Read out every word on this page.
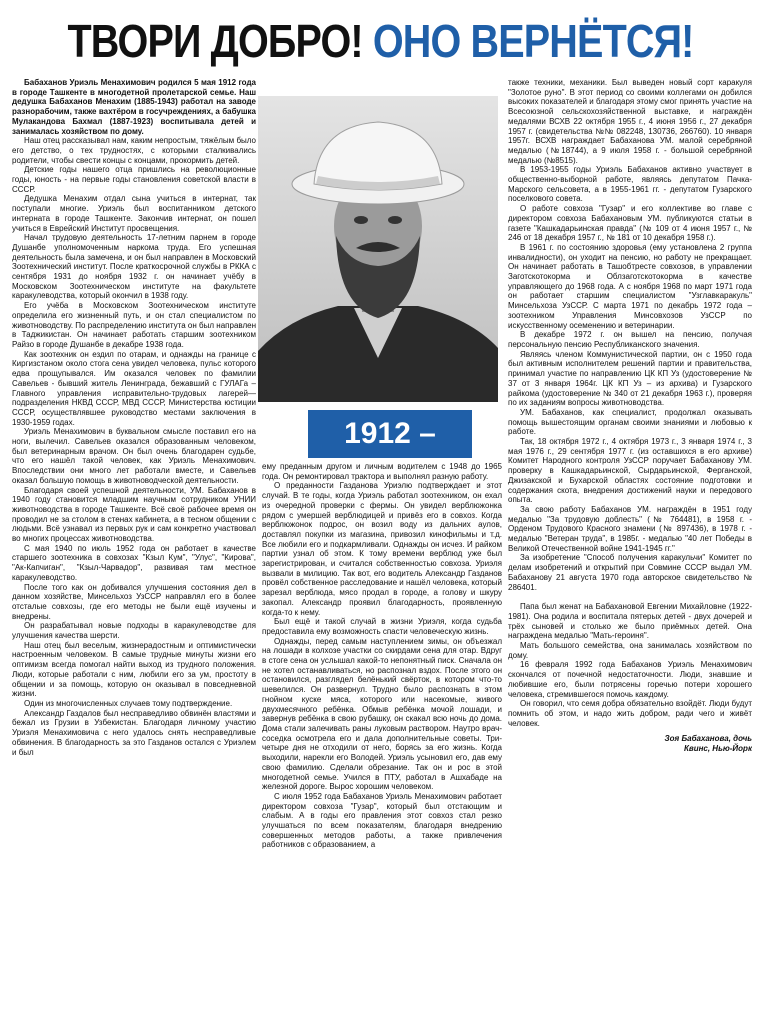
ТВОРИ ДОБРО! ОНО ВЕРНЁТСЯ!

Бабаханов Уриэль Менахимович родился 5 мая 1912 года в городе Ташкенте в многодетной пролетарской семье. Наш дедушка Бабаханов Менахим (1885-1943) работал на заводе разнорабочим, также вахтёром в госучреждениях, а бабушка Мулакандова Бахмал (1887-1923) воспитывала детей и занималась хозяйством по дому.

Наш отец рассказывал нам, каким непростым, тяжёлым было его детство, о тех трудностях, с которыми сталкивались родители, чтобы свести концы с концами, прокормить детей.

Детские годы нашего отца пришлись на революционные годы, юность - на первые годы становления советской власти в СССР.

Дедушка Менахим отдал сына учиться в интернат, так поступали многие. Уриэль был воспитанником детского интерната в городе Ташкенте. Закончив интернат, он пошел учиться в Еврейский Институт просвещения.

Начал трудовую деятельность 17-летним парнем в городе Душанбе уполномоченным наркома труда. Его успешная деятельность была замечена, и он был направлен в Московский Зоотехнический институт. После краткосрочной службы в РККА с сентября 1931 до ноября 1932 г. он начинает учёбу в Московском Зоотехническом институте на факультете каракулеводства, который окончил в 1938 году.

Его учёба в Московском Зоотехническом институте определила его жизненный путь, и он стал специалистом по животноводству. По распределению института он был направлен в Таджикистан. Он начинает работать старшим зоотехником Райзо в городе Душанбе в декабре 1938 года.

Как зоотехник он ездил по отарам, и однажды на границе с Киргизстаном около стога сена увидел человека, пульс которого едва прощупывался. Им оказался человек по фамилии Савельев - бывший житель Ленинграда, бежавший с ГУЛАГа – Главного управления исправительно-трудовых лагерей— подразделения НКВД СССР, МВД СССР, Министерства юстиции СССР, осуществлявшее руководство местами заключения в 1930-1959 годах.

Уриэль Менахимович в буквальном смысле поставил его на ноги, вылечил. Савельев оказался образованным человеком, был ветеринарным врачом. Он был очень благодарен судьбе, что его нашёл такой человек, как Уриэль Менахимович. Впоследствии они много лет работали вместе, и Савельев оказал большую помощь в животноводческой деятельности.

Благодаря своей успешной деятельности, УМ. Бабаханов в 1940 году становится младшим научным сотрудником УНИИ животноводства в городе Ташкенте. Всё своё рабочее время он проводил не за столом в стенах кабинета, а в тесном общении с людьми. Всё узнавал из первых рук и сам конкретно участвовал во многих процессах животноводства.

С мая 1940 по июль 1952 года он работает в качестве старшего зоотехника в совхозах "Кзыл Кум", "Улус", "Кирова", "Ак-Капчиган", "Кзыл-Чарвадор", развивая там местное каракулеводство.

После того как он добивался улучшения состояния дел в данном хозяйстве, Минсельхоз УзССР направлял его в более отсталые совхозы, где его методы не были ещё изучены и внедрены.

Он разрабатывал новые подходы в каракулеводстве для улучшения качества шерсти.

Наш отец был веселым, жизнерадостным и оптимистически настроенным человеком. В самые трудные минуты жизни его оптимизм всегда помогал найти выход из трудного положения. Люди, которые работали с ним, любили его за ум, простоту в общении и за помощь, которую он оказывал в повседневной жизни.

Один из многочисленных случаев тому подтверждение.

Александр Газдалов был несправедливо обвинён властями и бежал из Грузии в Узбекистан. Благодаря личному участию Уриэля Менахимовича с него удалось снять несправедливые обвинения. В благодарность за это Газданов остался с Уриэлем и был

1912 – 1992

ему преданным другом и личным водителем с 1948 до 1965 года. Он ремонтировал трактора и выполнял разную работу.

О преданности Газданова Уриэлю подтверждает и этот случай. В те годы, когда Уриэль работал зоотехником, он ехал из очередной проверки с фермы. Он увидел верблюжонка рядом с умершей верблюдицей и привёз его в совхоз. Когда верблюжонок подрос, он возил воду из дальних аулов, доставлял покупки из магазина, привозил кинофильмы и т.д. Все любили его и подкармливали. Однажды он исчез. И райком партии узнал об этом. К тому времени верблюд уже был зарегистрирован, и считался собственностью совхоза. Уриэля вызвали в милицию. Так вот, его водитель Александр Газданов провёл собственное расследование и нашёл человека, который зарезал верблюда, мясо продал в городе, а голову и шкуру закопал. Александр проявил благодарность, проявленную когда-то к нему.

Был ещё и такой случай в жизни Уриэля, когда судьба предоставила ему возможность спасти человеческую жизнь.

Однажды, перед самым наступлением зимы, он объезжал на лошади в колхозе участки со скирдами сена для отар. Вдруг в стоге сена он услышал какой-то непонятный писк. Сначала он не хотел останавливаться, но распознал вздох. После этого он остановился, разглядел белёнький свёрток, в котором что-то шевелился. Он развернул. Трудно было распознать в этом гнойном куске мяса, которого или насекомые, живого двухмесячного ребёнка. Обмыв ребёнка мочой лошади, и завернув ребёнка в свою рубашку, он скакал всю ночь до дома. Дома стали залечивать раны луковым раствором. Наутро врач-соседка осмотрела его и дала дополнительные советы. Три-четыре дня не отходили от него, борясь за его жизнь. Когда выходили, нарекли его Володей. Уриэль усыновил его, дав ему свою фамилию. Сделали обрезание. Так он и рос в этой многодетной семье. Учился в ПТУ, работал в Ашхабаде на железной дороге. Вырос хорошим человеком.

С июля 1952 года Бабаханов Уриэль Менахимович работает директором совхоза "Гузар", который был отстающим и слабым. А в годы его правления этот совхоз стал резко улучшаться по всем показателям, благодаря внедрению совершенных методов работы, а также привлечения работников с образованием, а

также техники, механики. Был выведен новый сорт каракуля "Золотое руно". В этот период со своими коллегами он добился высоких показателей и благодаря этому смог принять участие на Всесоюзной сельскохозяйственной выставке, и награждён медалями ВСХВ 22 октября 1955 г., 4 июня 1956 г., 27 декабря 1957 г. (свидетельства №№ 082248, 130736, 266760). 10 января 1957г. ВСХВ награждает Бабаханова УМ. малой серебряной медалью (№18744), а 9 июля 1958 г. - большой серебряной медалью (№8515).

В 1953-1955 годы Уриэль Бабаханов активно участвует в общественно-выборной работе, являясь депутатом Пачка-Марского сельсовета, а в 1955-1961 гг. - депутатом Гузарского поселкового совета.

О работе совхоза "Гузар" и его коллективе во главе с директором совхоза Бабахановым УМ. публикуются статьи в газете "Кашкадарьинская правда" (№ 109 от 4 июня 1957 г., № 246 от 18 декабря 1957 г., № 181 от 10 декабря 1958 г.).

В 1961 г. по состоянию здоровья (ему установлена 2 группа инвалидности), он уходит на пенсию, но работу не прекращает. Он начинает работать в Ташобтрестe совхозов, в управлении Заготскотокорма и Облзаготскотокорма в качестве управляющего до 1968 года. А с ноября 1968 по март 1971 года он работает старшим специалистом "Узглавкаракуль" Минсельхоза УзССР. С марта 1971 по декабрь 1972 года – зоотехником Управления Минсовхозов УзССР по искусственному осеменению и ветеринарии.

В декабре 1972 г. он вышел на пенсию, получая персональную пенсию Республиканского значения.

Являясь членом Коммунистической партии, он с 1950 года был активным исполнителем решений партии и правительства, принимал участие по направлению ЦК КП Уз (удостоверение № 37 от 3 января 1964г. ЦК КП Уз – из архива) и Гузарского райкома (удостоверение № 340 от 21 декабря 1963 г.), проверяя по их заданиям вопросы животноводства.

УМ. Бабаханов, как специалист, продолжал оказывать помощь вышестоящим органам своими знаниями и любовью к работе.

Так, 18 октября 1972 г., 4 октября 1973 г., 3 января 1974 г., 3 мая 1976 г., 29 сентября 1977 г. (из оставшихся в его архиве) Комитет Народного контроля УзССР поручает Бабаханову УМ. проверку в Кашкадарьинской, Сырдарьинской, Ферганской, Джизакской и Бухарской областях состояние подготовки и содержания скота, внедрения достижений науки и передового опыта.

За свою работу Бабаханов УМ. награждён в 1951 году медалью "За трудовую доблесть" (№ 764481), в 1958 г. - Орденом Трудового Красного знамени (№ 897436), в 1978 г. - медалью "Ветеран труда", в 1985г. - медалью "40 лет Победы в Великой Отечественной войне 1941-1945 гг."

За изобретение "Способ получения каракульчи" Комитет по делам изобретений и открытий при Совмине СССР выдал УМ. Бабаханову 21 августа 1970 года авторское свидетельство № 286401.

Папа был женат на Бабахановой Евгении Михайловне (1922-1981). Она родила и воспитала пятерых детей - двух дочерей и трёх сыновей и столько же было приёмных детей. Она награждена медалью "Мать-героиня".

Мать большого семейства, она занималась хозяйством по дому.

16 февраля 1992 года Бабаханов Уриэль Менахимович скончался от почечной недостаточности. Люди, знавшие и любившие его, были потрясены горечью потери хорошего человека, стремившегося помочь каждому.

Он говорил, что семя добра обязательно взойдёт. Люди будут помнить об этом, и надо жить добром, ради чего и живёт человек.

Зоя Бабаханова, дочь

Квинс, Нью-Йорк
